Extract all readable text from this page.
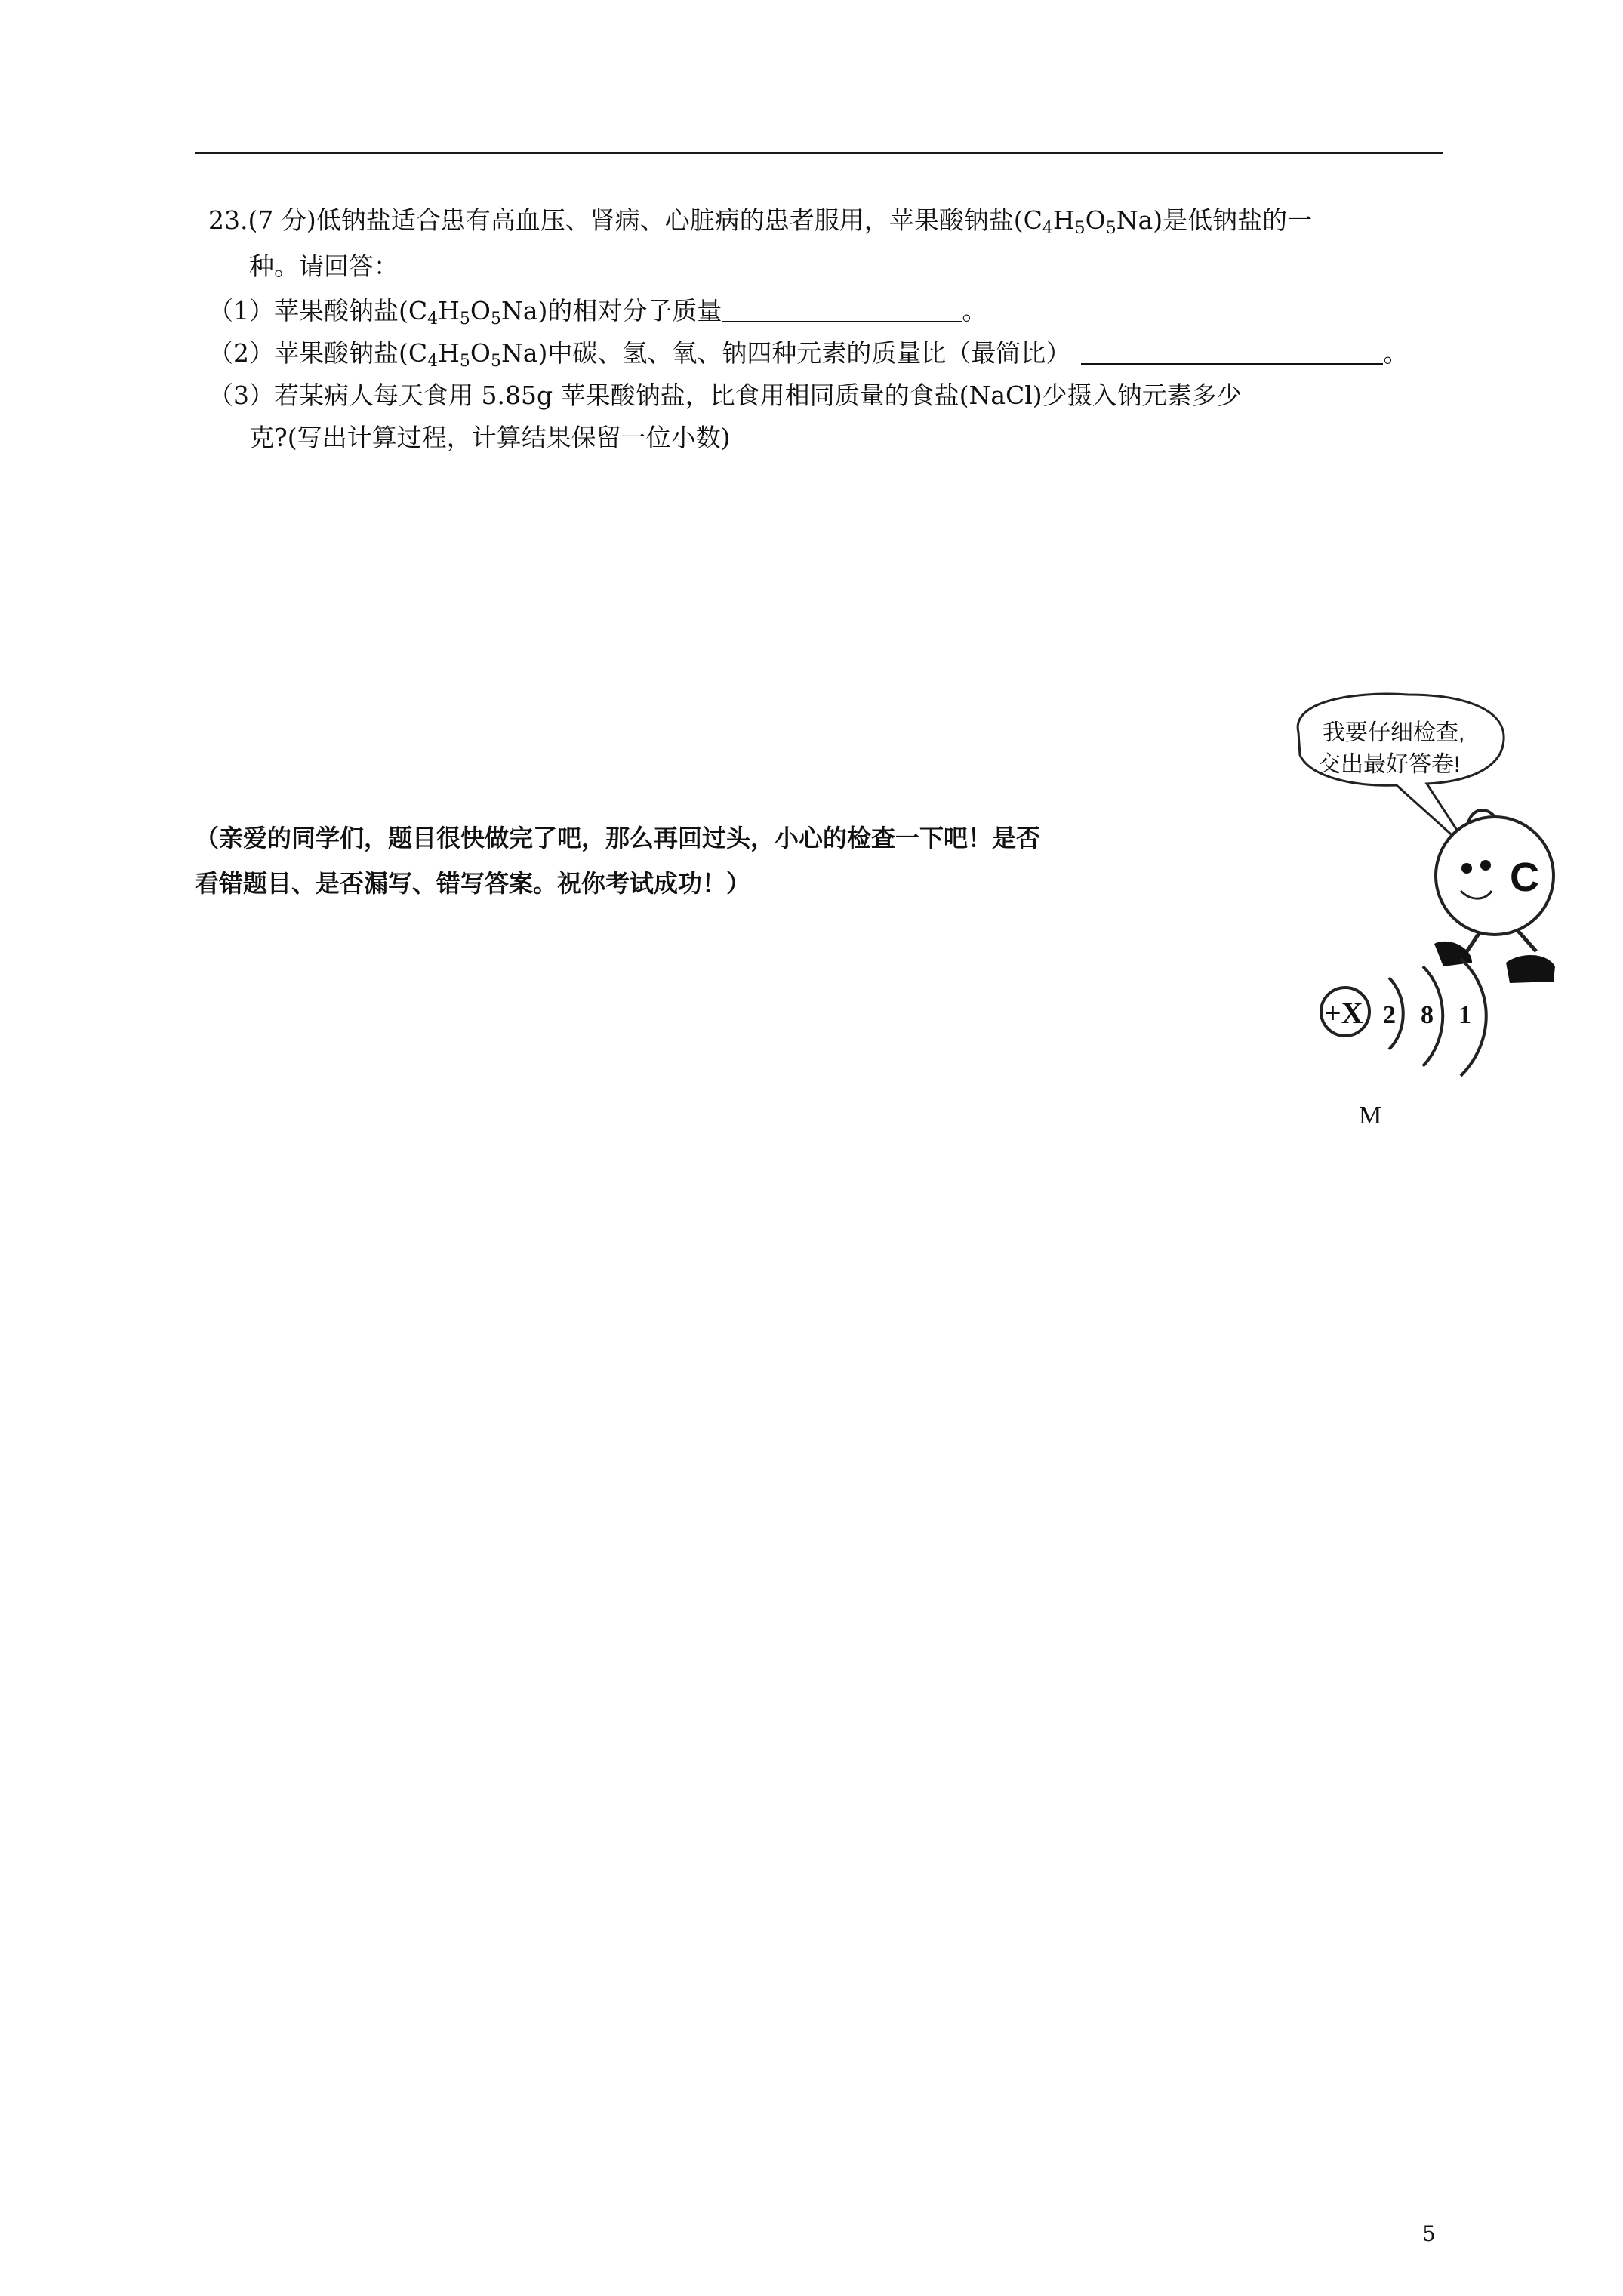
23.(7 分)低钠盐适合患有高血压、肾病、心脏病的患者服用，苹果酸钠盐$(C_4H_5O_5Na)$是低钠盐的一
种。请回答：
（1）苹果酸钠盐$(C_4H_5O_5Na)$的相对分子质量	。
（2）苹果酸钠盐$(C_4H_5O_5Na)$中碳、氢、氧、钠四种元素的质量比（最简比）	。
（3）若某病人每天食用 5.85g 苹果酸钠盐，比食用相同质量的食盐(NaCl)少摄入钠元素多少
克?(写出计算过程，计算结果保留一位小数)
（亲爱的同学们，题目很快做完了吧，那么再回过头，小心的检查一下吧！是否
看错题目、是否漏写、错写答案。祝你考试成功！）
我要仔细检查,
交出最好答卷!
C
+X 2 8 1
M
5
